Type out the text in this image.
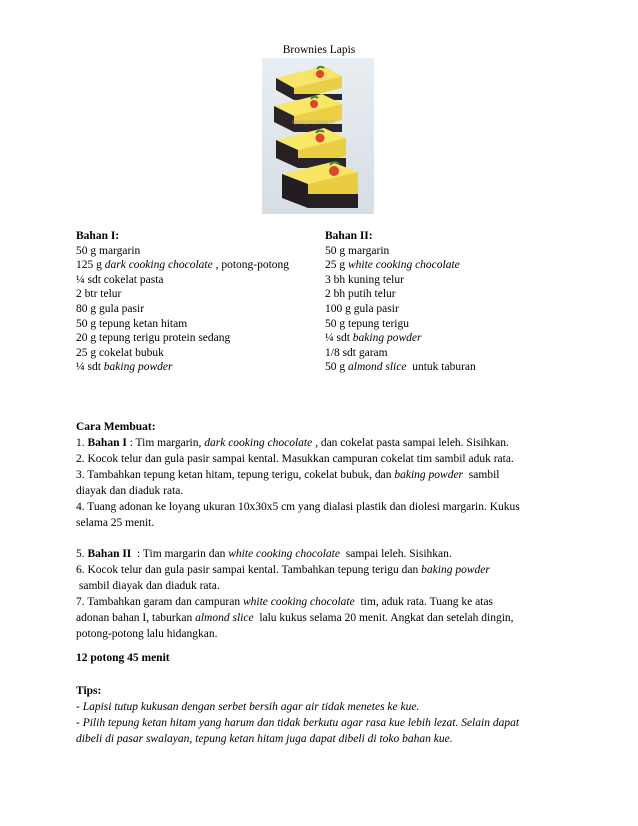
Brownies Lapis
resepmasakan
Bahan I:
50 g margarin
125 g dark cooking chocolate , potong-potong
¼ sdt cokelat pasta
2 btr telur
80 g gula pasir
50 g tepung ketan hitam
20 g tepung terigu protein sedang
25 g cokelat bubuk
¼ sdt baking powder
Bahan II:
50 g margarin
25 g white cooking chocolate
3 bh kuning telur
2 bh putih telur
100 g gula pasir
50 g tepung terigu
¼ sdt baking powder
1/8 sdt garam
50 g almond slice  untuk taburan

Cara Membuat:

1. Bahan I : Tim margarin, dark cooking chocolate , dan cokelat pasta sampai leleh. Sisihkan.

2. Kocok telur dan gula pasir sampai kental. Masukkan campuran cokelat tim sambil aduk rata.

3. Tambahkan tepung ketan hitam, tepung terigu, cokelat bubuk, dan baking powder  sambil

diayak dan diaduk rata.

4. Tuang adonan ke loyang ukuran 10x30x5 cm yang dialasi plastik dan diolesi margarin. Kukus

selama 25 menit.

5. Bahan II  : Tim margarin dan white cooking chocolate  sampai leleh. Sisihkan.

6. Kocok telur dan gula pasir sampai kental. Tambahkan tepung terigu dan baking powder

sambil diayak dan diaduk rata.

7. Tambahkan garam dan campuran white cooking chocolate  tim, aduk rata. Tuang ke atas

adonan bahan I, taburkan almond slice  lalu kukus selama 20 menit. Angkat dan setelah dingin,

potong-potong lalu hidangkan.

12 potong 45 menit

Tips:

- Lapisi tutup kukusan dengan serbet bersih agar air tidak menetes ke kue.

- Pilih tepung ketan hitam yang harum dan tidak berkutu agar rasa kue lebih lezat. Selain dapat

dibeli di pasar swalayan, tepung ketan hitam juga dapat dibeli di toko bahan kue.
